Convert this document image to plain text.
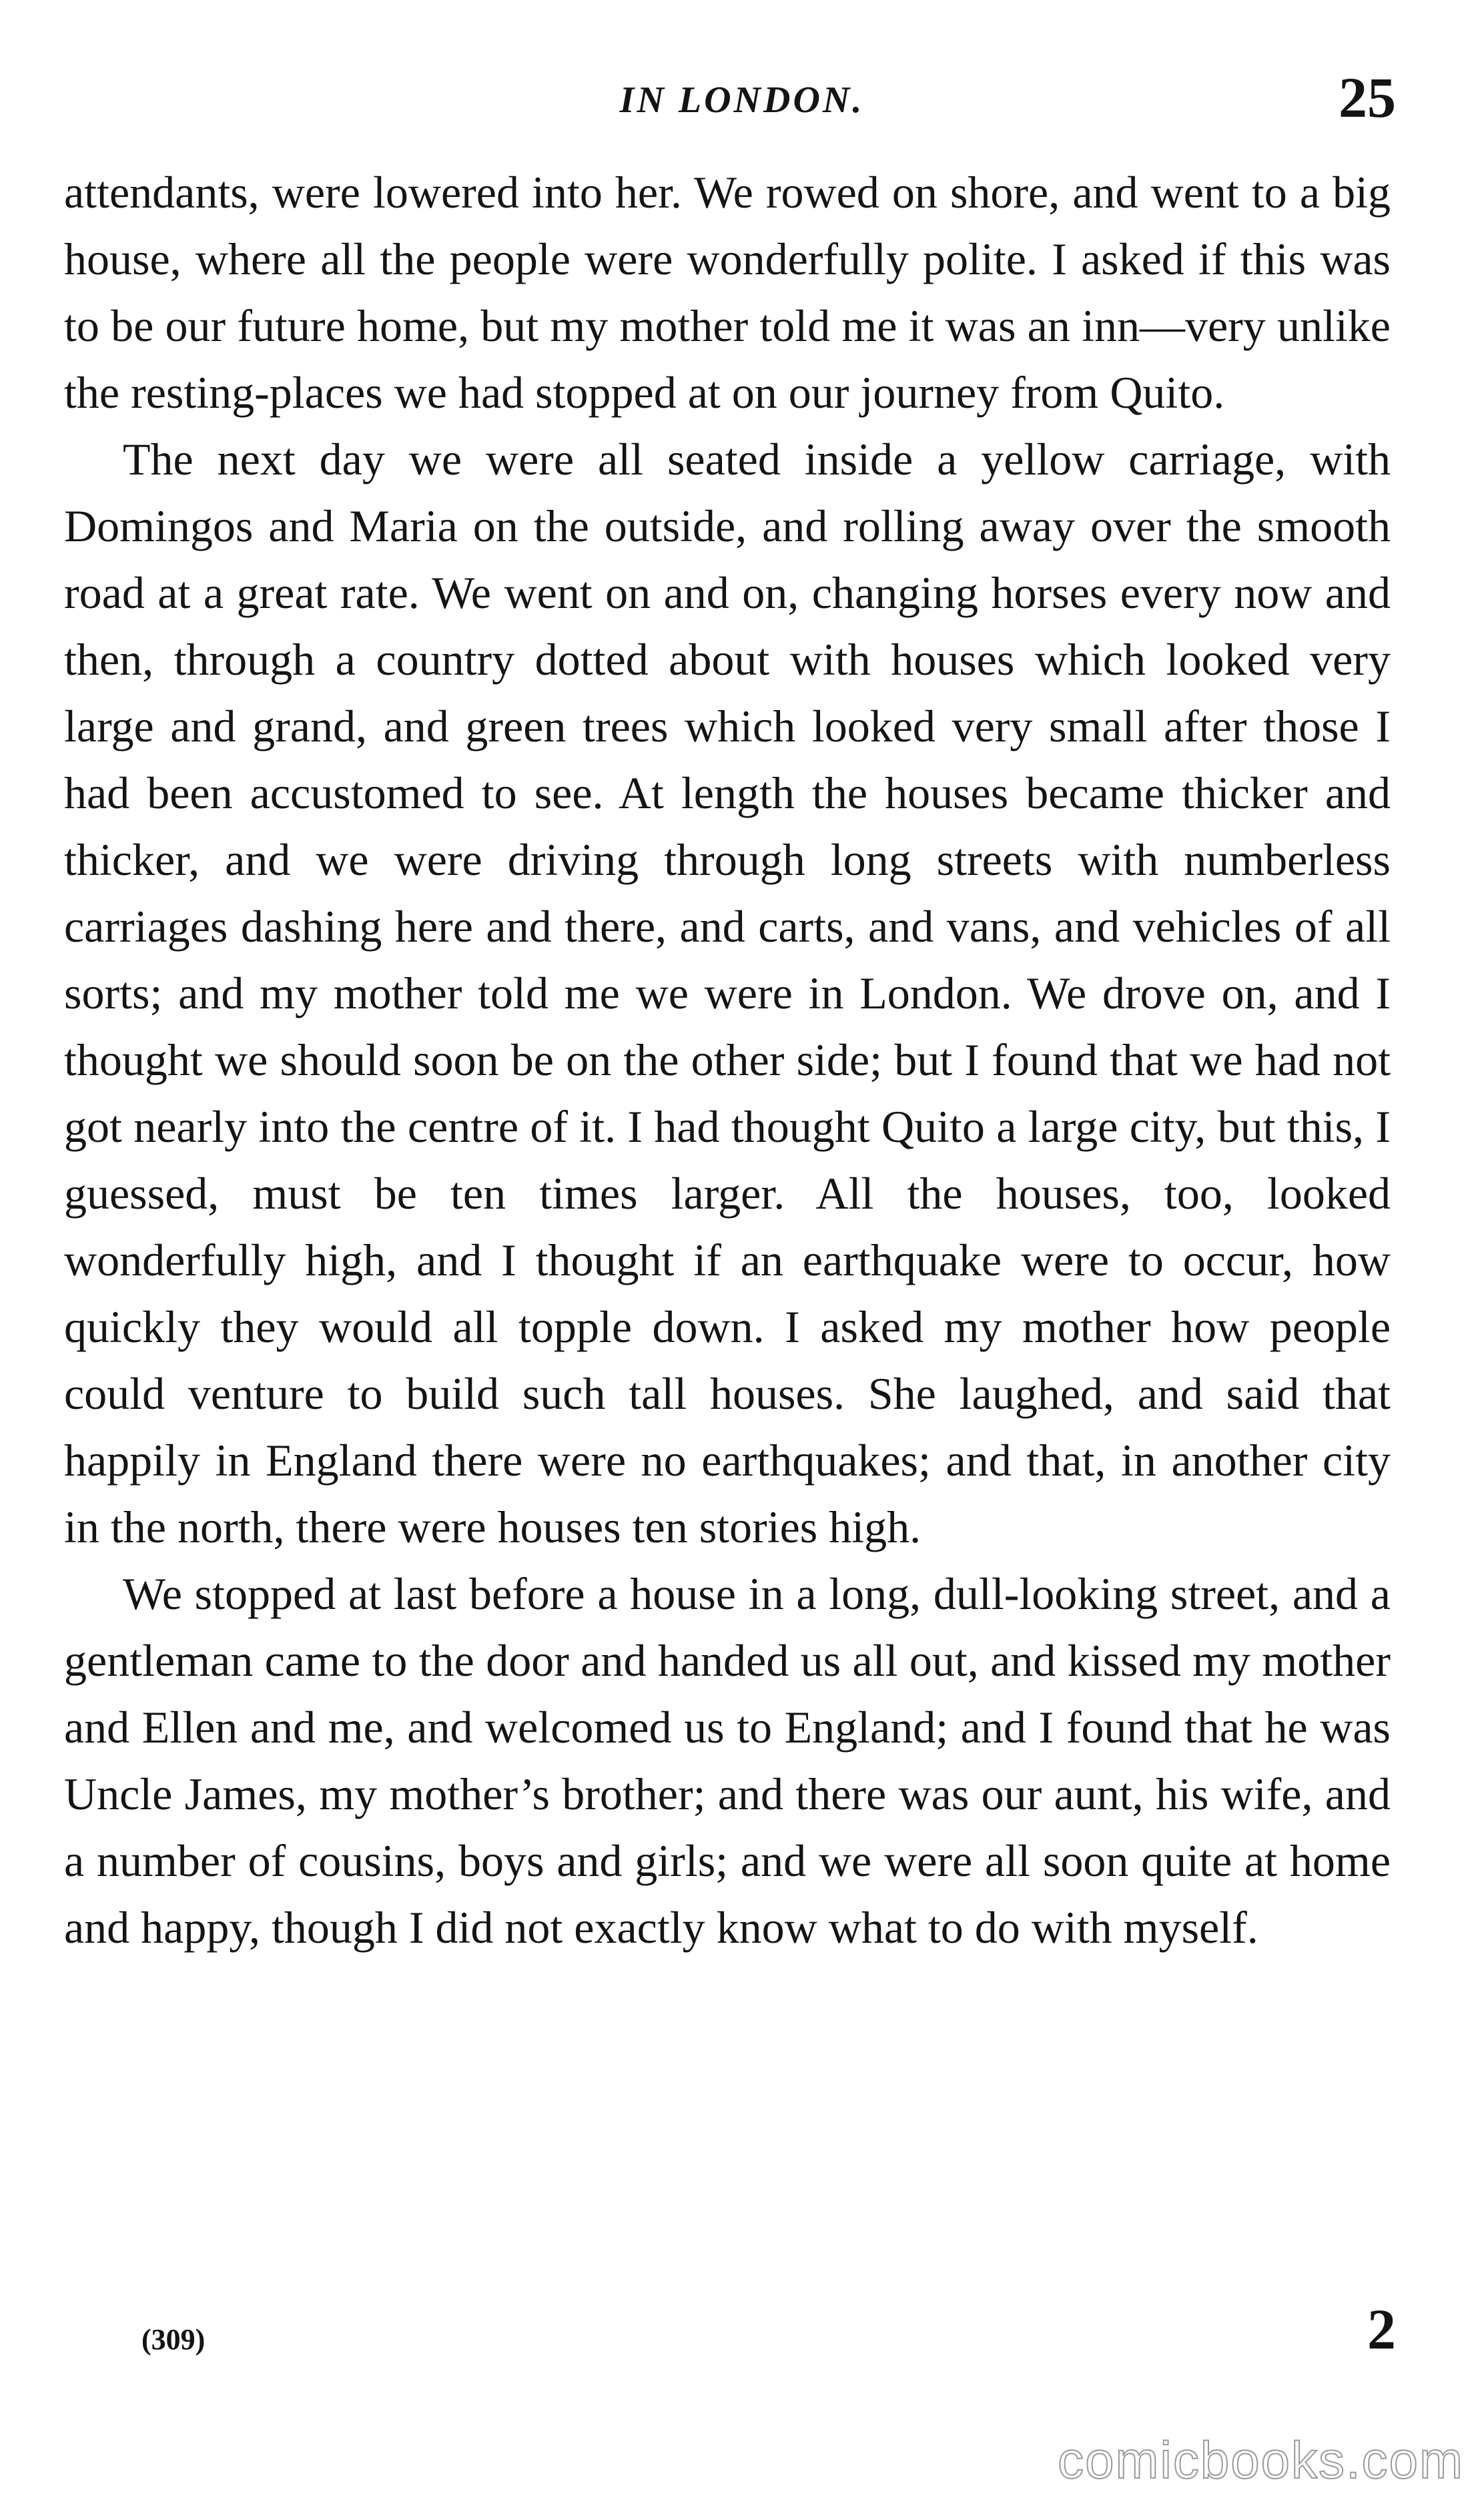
IN LONDON.	25

attendants, were lowered into her. We rowed on shore, and went to a big house, where all the people were wonderfully polite. I asked if this was to be our future home, but my mother told me it was an inn—very unlike the resting-places we had stopped at on our journey from Quito.

The next day we were all seated inside a yellow carriage, with Domingos and Maria on the outside, and rolling away over the smooth road at a great rate. We went on and on, changing horses every now and then, through a country dotted about with houses which looked very large and grand, and green trees which looked very small after those I had been accustomed to see. At length the houses became thicker and thicker, and we were driving through long streets with numberless carriages dashing here and there, and carts, and vans, and vehicles of all sorts; and my mother told me we were in London. We drove on, and I thought we should soon be on the other side; but I found that we had not got nearly into the centre of it. I had thought Quito a large city, but this, I guessed, must be ten times larger. All the houses, too, looked wonderfully high, and I thought if an earthquake were to occur, how quickly they would all topple down. I asked my mother how people could venture to build such tall houses. She laughed, and said that happily in England there were no earthquakes; and that, in another city in the north, there were houses ten stories high.

We stopped at last before a house in a long, dull-looking street, and a gentleman came to the door and handed us all out, and kissed my mother and Ellen and me, and welcomed us to England; and I found that he was Uncle James, my mother’s brother; and there was our aunt, his wife, and a number of cousins, boys and girls; and we were all soon quite at home and happy, though I did not exactly know what to do with myself.

(309)	2
comicbooks.com
